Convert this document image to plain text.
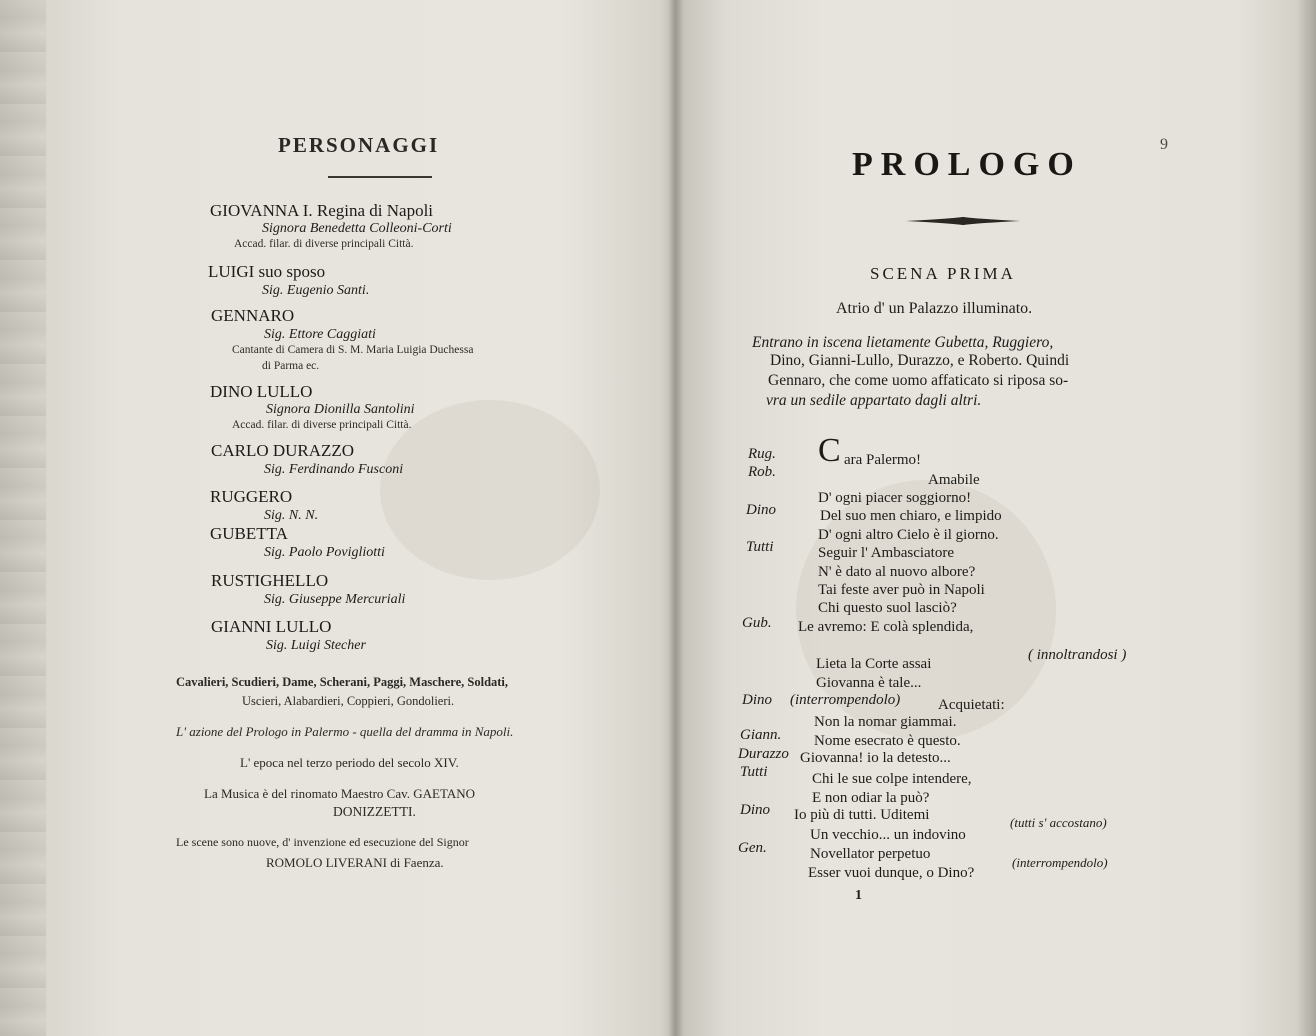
PERSONAGGI
GIOVANNA I. Regina di Napoli
Signora Benedetta Colleoni-Corti
Accad. filar. di diverse principali Città.
LUIGI suo sposo
Sig. Eugenio Santi.
GENNARO
Sig. Ettore Caggiati
Cantante di Camera di S. M. Maria Luigia Duchessa
di Parma ec.
DINO LULLO
Signora Dionilla Santolini
Accad. filar. di diverse principali Città.
CARLO DURAZZO
Sig. Ferdinando Fusconi
RUGGERO
Sig. N. N.
GUBETTA
Sig. Paolo Povigliotti
RUSTIGHELLO
Sig. Giuseppe Mercuriali
GIANNI LULLO
Sig. Luigi Stecher
Cavalieri, Scudieri, Dame, Scherani, Paggi, Maschere, Soldati,
Uscieri, Alabardieri, Coppieri, Gondolieri.
L' azione del Prologo in Palermo - quella del dramma in Napoli.
L' epoca nel terzo periodo del secolo XIV.
La Musica è del rinomato Maestro Cav. GAETANO
DONIZZETTI.
Le scene sono nuove, d' invenzione ed esecuzione del Signor
ROMOLO LIVERANI di Faenza.
9
PROLOGO
SCENA PRIMA
Atrio d' un Palazzo illuminato.
Entrano in iscena lietamente Gubetta, Ruggiero,
Dino, Gianni-Lullo, Durazzo, e Roberto. Quindi
Gennaro, che come uomo affaticato si riposa so-
vra un sedile appartato dagli altri.
Rug. C ara Palermo!
Rob.	Amabile
D' ogni piacer soggiorno!
Dino	Del suo men chiaro, e limpido
D' ogni altro Cielo è il giorno.
Tutti	Seguir l' Ambasciatore
N' è dato al nuovo albore?
Tai feste aver può in Napoli
Chi questo suol lasciò?
Gub. Le avremo: E colà splendida,
( innoltrandosi )
Lieta la Corte assai
Giovanna è tale...
Dino (interrompendolo)	Acquietati:
Non la nomar giammai.
Giann. Nome esecrato è questo.
Durazzo Giovanna! io la detesto...
Tutti	Chi le sue colpe intendere,
E non odiar la può?
Dino Io più di tutti. Uditemi	(tutti s' accostano)
Un vecchio... un indovino
Gen.	Novellator perpetuo
(interrompendolo)
Esser vuoi dunque, o Dino?
1
